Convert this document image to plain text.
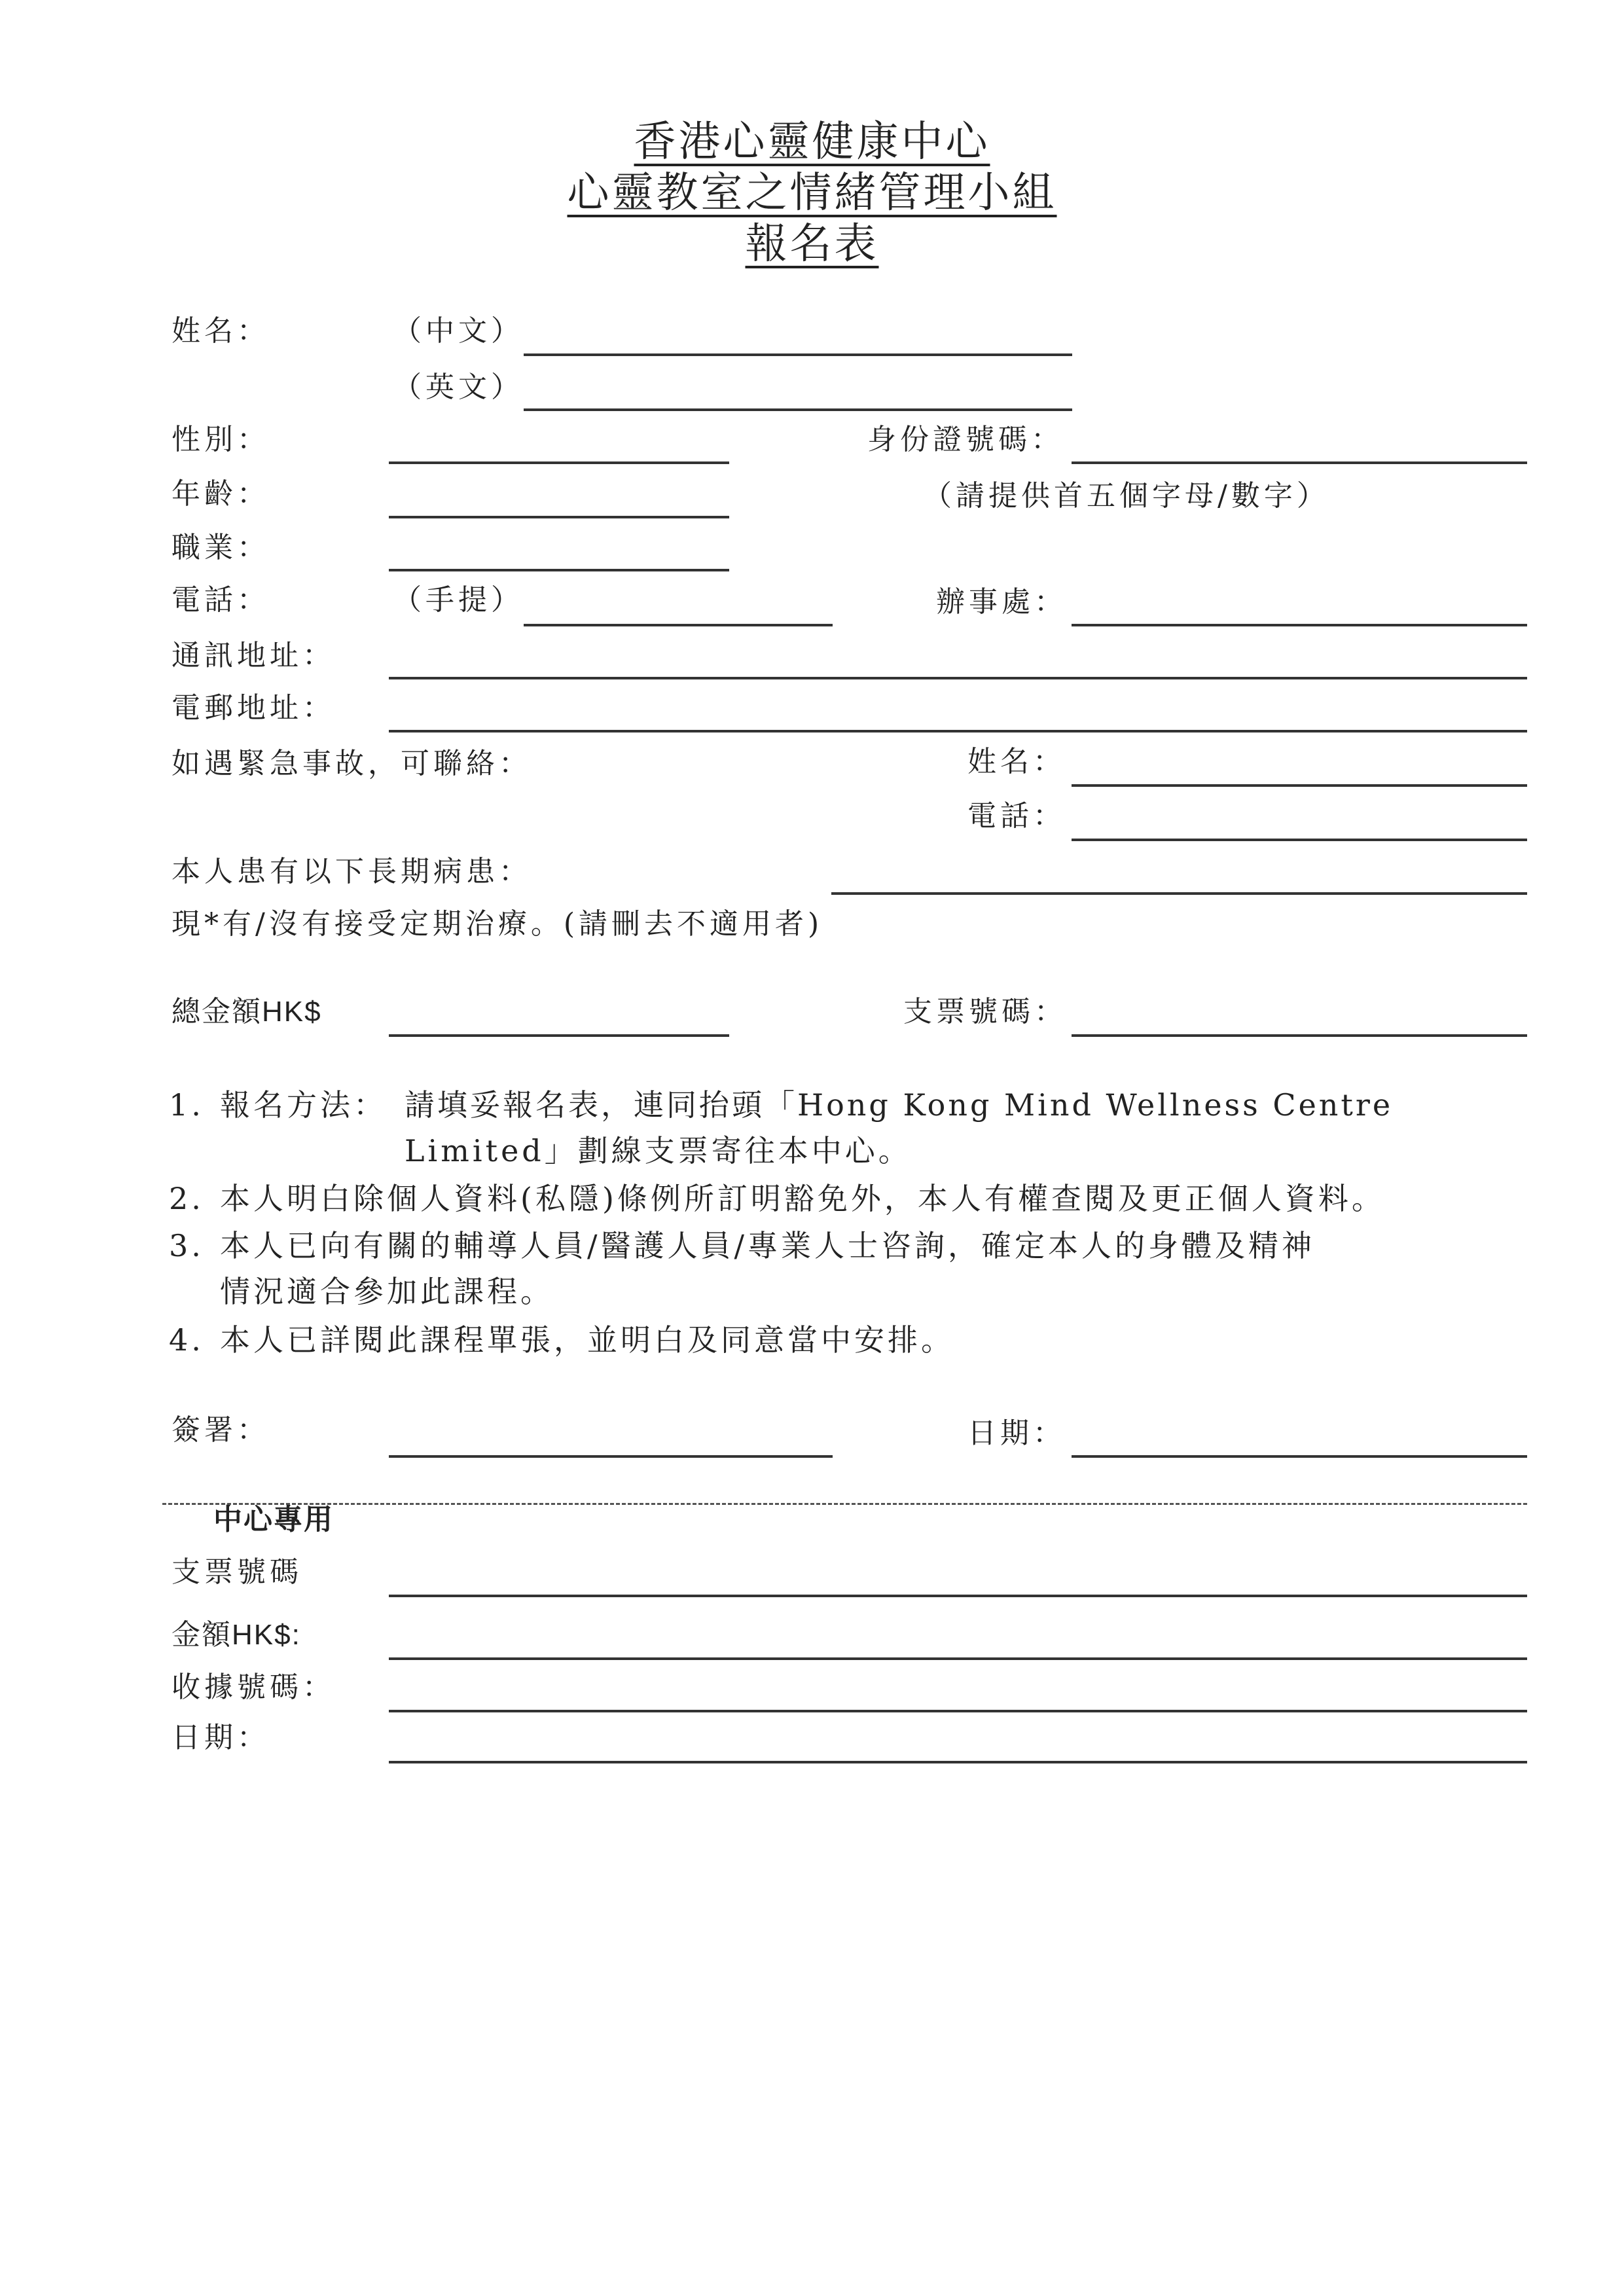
香港心靈健康中心
心靈教室之情緒管理小組
報名表
姓名：	（中文）
（英文）
性別：	身份證號碼：
年齡：	（請提供首五個字母/數字）
職業：
電話：	（手提）	辦事處：
通訊地址：
電郵地址：
如遇緊急事故，可聯絡：	姓名：
電話：
本人患有以下長期病患：
現*有/沒有接受定期治療。(請刪去不適用者)
總金額HK$	支票號碼：
1. 報名方法： 請填妥報名表，連同抬頭「Hong Kong Mind Wellness Centre
Limited」劃線支票寄往本中心。
2. 本人明白除個人資料(私隱)條例所訂明豁免外，本人有權查閱及更正個人資料。
3. 本人已向有關的輔導人員/醫護人員/專業人士咨詢，確定本人的身體及精神
情況適合參加此課程。
4. 本人已詳閱此課程單張，並明白及同意當中安排。
簽署：	日期：
中心專用
支票號碼
金額HK$:
收據號碼：
日期：
